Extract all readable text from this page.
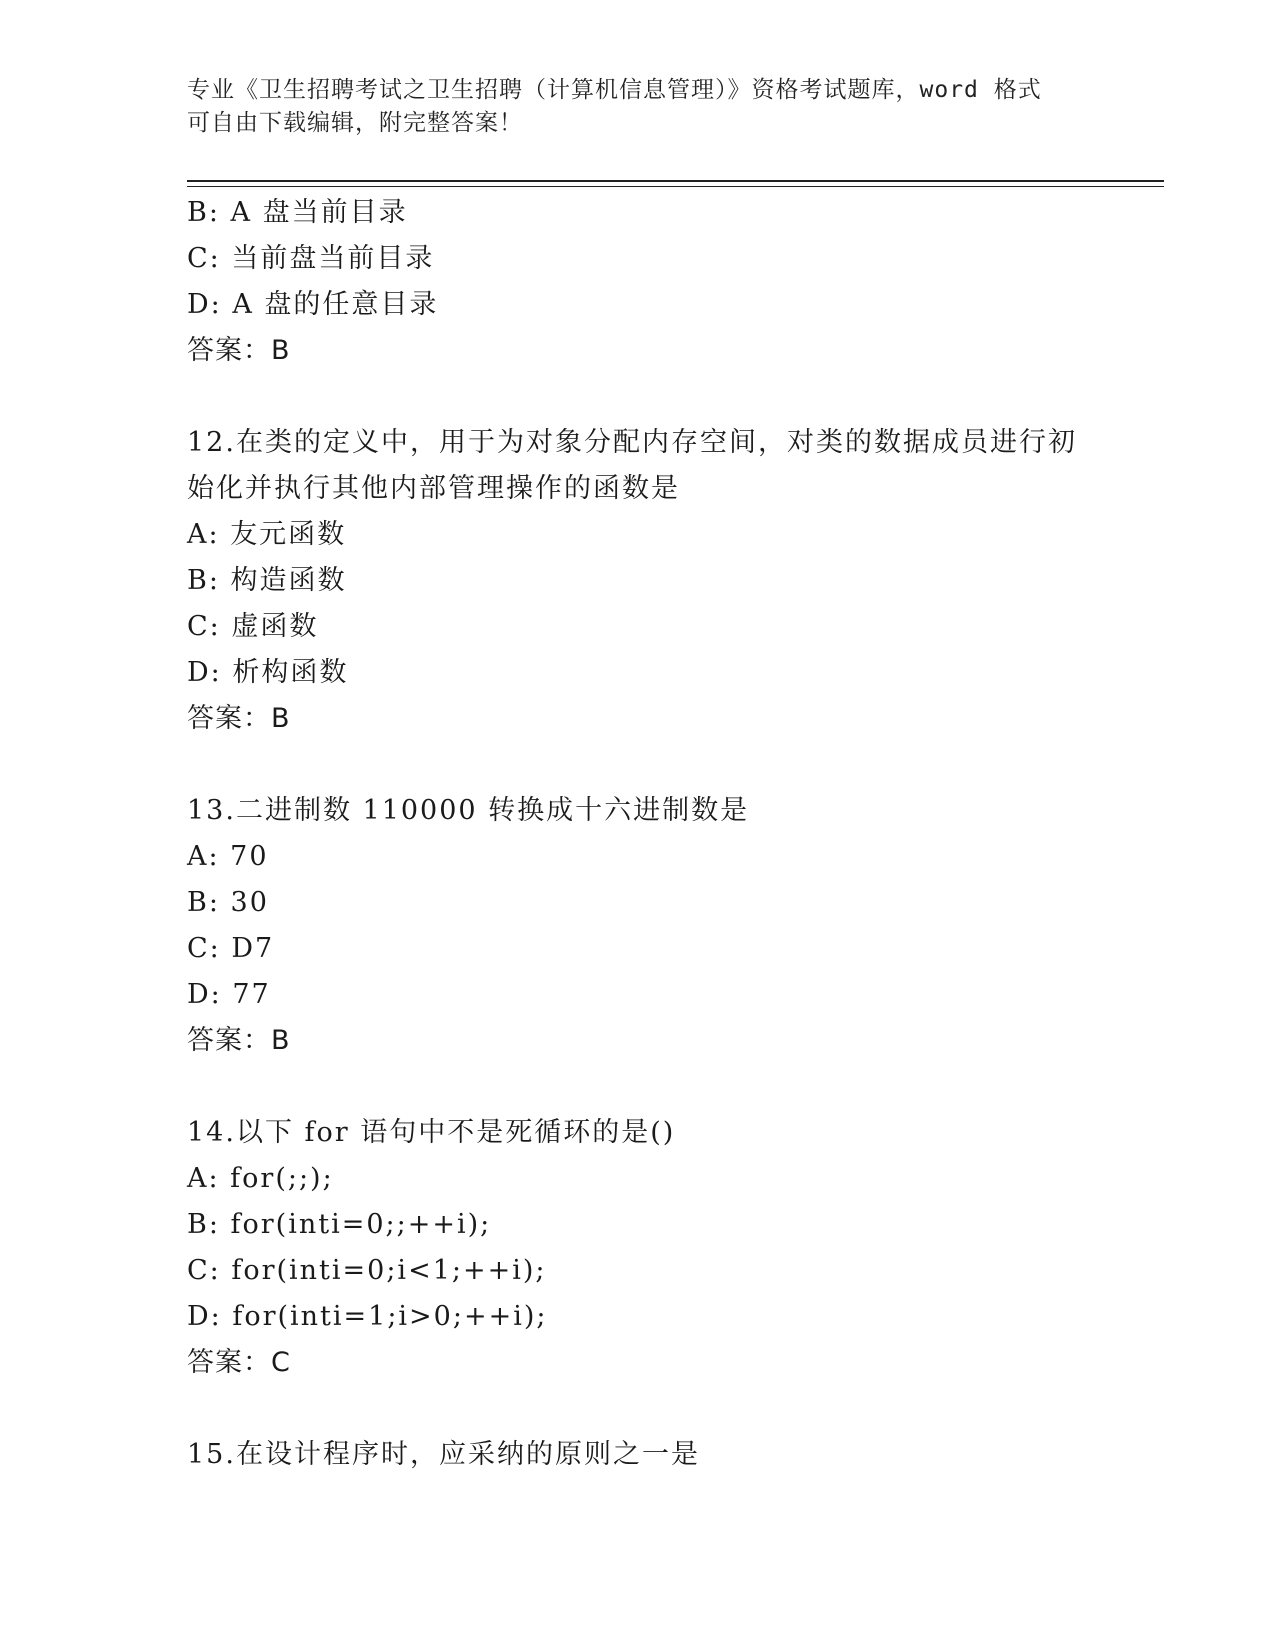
专业《卫生招聘考试之卫生招聘（计算机信息管理）》资格考试题库，word 格式
可自由下载编辑，附完整答案！
B: A 盘当前目录
C: 当前盘当前目录
D: A 盘的任意目录
答案：B
12.在类的定义中，用于为对象分配内存空间，对类的数据成员进行初
始化并执行其他内部管理操作的函数是
A: 友元函数
B: 构造函数
C: 虚函数
D: 析构函数
答案：B
13.二进制数 110000 转换成十六进制数是
A: 70
B: 30
C: D7
D: 77
答案：B
14.以下 for 语句中不是死循环的是()
A: for(;;);
B: for(inti=0;;++i);
C: for(inti=0;i<1;++i);
D: for(inti=1;i>0;++i);
答案：C
15.在设计程序时，应采纳的原则之一是
